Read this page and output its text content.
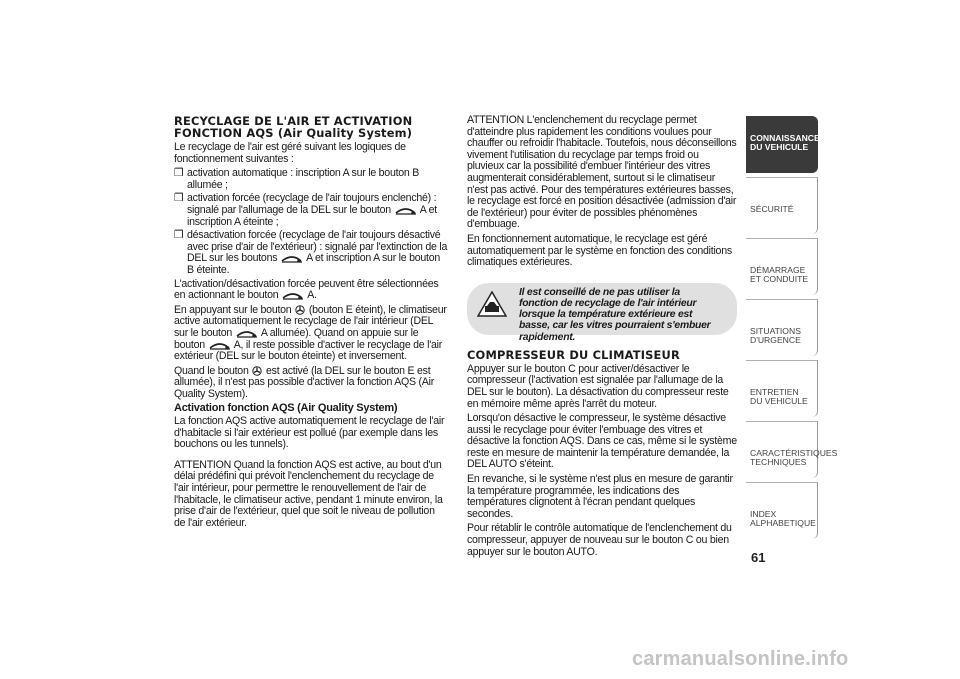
RECYCLAGE DE L'AIR ET ACTIVATION FONCTION AQS (Air Quality System)

Le recyclage de l'air est géré suivant les logiques de fonctionnement suivantes :

❒ activation automatique : inscription A sur le bouton B allumée ;
❒ activation forcée (recyclage de l'air toujours enclenché) : signalé par l'allumage de la DEL sur le bouton	A et inscription A éteinte ;
❒ désactivation forcée (recyclage de l'air toujours désactivé avec prise d'air de l'extérieur) : signalé par l'extinction de la DEL sur les boutons	A et inscription A sur le bouton B éteinte.

L'activation/désactivation forcée peuvent être sélectionnées en actionnant le bouton	A.

En appuyant sur le bouton (bouton E éteint), le climatiseur active automatiquement le recyclage de l'air intérieur (DEL sur le bouton	A allumée). Quand on appuie sur le bouton	A, il reste possible d'activer le recyclage de l'air extérieur (DEL sur le bouton éteinte) et inversement.

Quand le bouton est activé (la DEL sur le bouton E est allumée), il n'est pas possible d'activer la fonction AQS (Air Quality System).

Activation fonction AQS (Air Quality System)

La fonction AQS active automatiquement le recyclage de l'air d'habitacle si l'air extérieur est pollué (par exemple dans les bouchons ou les tunnels).

ATTENTION Quand la fonction AQS est active, au bout d'un délai prédéfini qui prévoit l'enclenchement du recyclage de l'air intérieur, pour permettre le renouvellement de l'air de l'habitacle, le climatiseur active, pendant 1 minute environ, la prise d'air de l'extérieur, quel que soit le niveau de pollution de l'air extérieur.

ATTENTION L'enclenchement du recyclage permet d'atteindre plus rapidement les conditions voulues pour chauffer ou refroidir l'habitacle. Toutefois, nous déconseillons vivement l'utilisation du recyclage par temps froid ou pluvieux car la possibilité d'embuer l'intérieur des vitres augmenterait considérablement, surtout si le climatiseur n'est pas activé. Pour des températures extérieures basses, le recyclage est forcé en position désactivée (admission d'air de l'extérieur) pour éviter de possibles phénomènes d'embuage.

En fonctionnement automatique, le recyclage est géré automatiquement par le système en fonction des conditions climatiques extérieures.

Il est conseillé de ne pas utiliser la fonction de recyclage de l'air intérieur lorsque la température extérieure est basse, car les vitres pourraient s'embuer rapidement.
COMPRESSEUR DU CLIMATISEUR

Appuyer sur le bouton C pour activer/désactiver le compresseur (l'activation est signalée par l'allumage de la DEL sur le bouton). La désactivation du compresseur reste en mémoire même après l'arrêt du moteur.

Lorsqu'on désactive le compresseur, le système désactive aussi le recyclage pour éviter l'embuage des vitres et désactive la fonction AQS. Dans ce cas, même si le système reste en mesure de maintenir la température demandée, la DEL AUTO s'éteint.

En revanche, si le système n'est plus en mesure de garantir la température programmée, les indications des températures clignotent à l'écran pendant quelques secondes.

Pour rétablir le contrôle automatique de l'enclenchement du compresseur, appuyer de nouveau sur le bouton C ou bien appuyer sur le bouton AUTO.

CONNAISSANCE DU VEHICULE
SÉCURITÉ
DÉMARRAGE ET CONDUITE
SITUATIONS D'URGENCE
ENTRETIEN DU VEHICULE
CARACTÉRISTIQUES TECHNIQUES
INDEX ALPHABETIQUE
61
carmanualsonline.info
